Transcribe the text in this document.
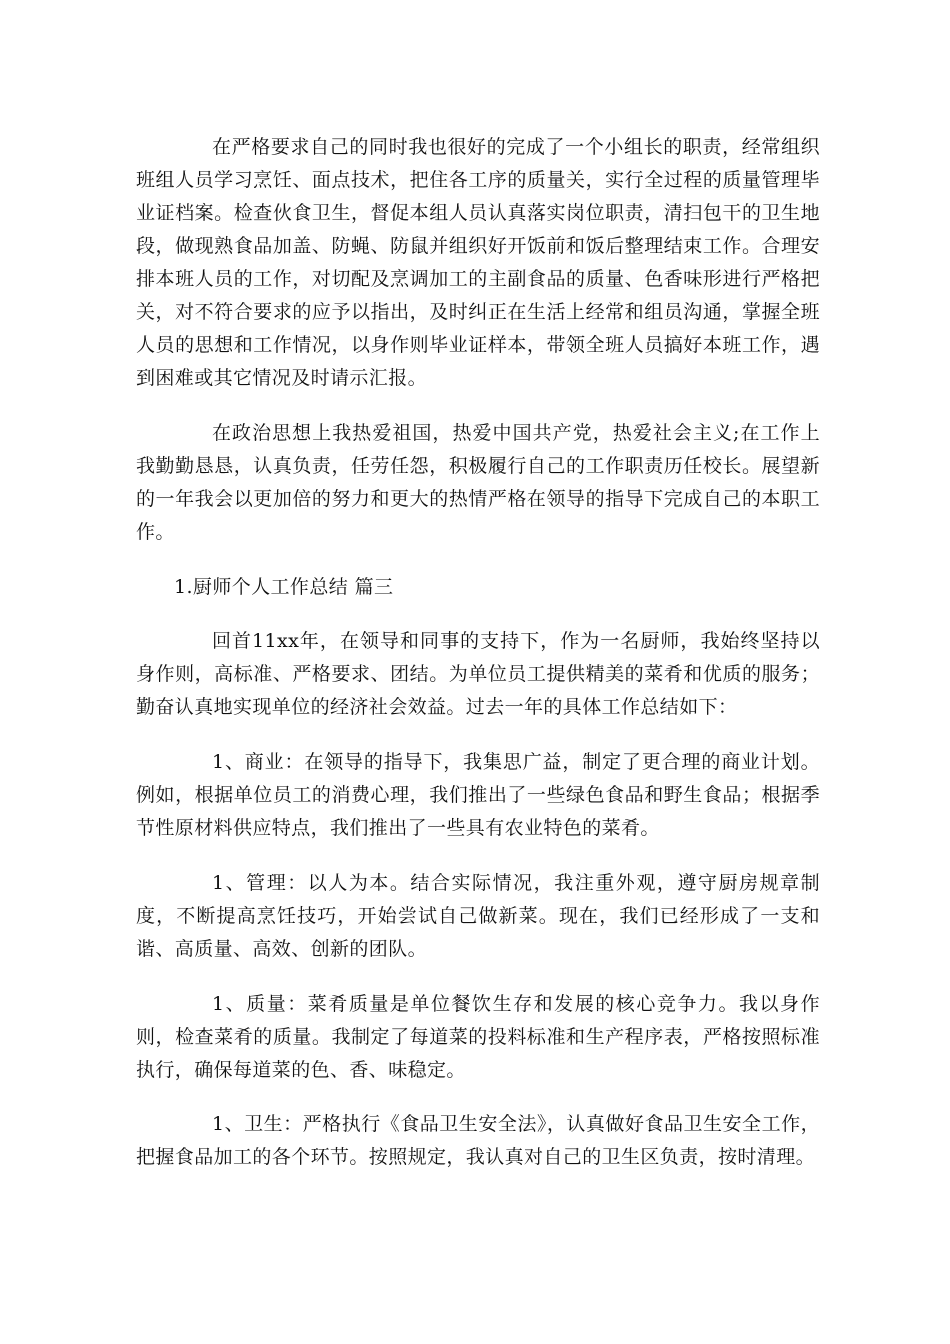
在严格要求自己的同时我也很好的完成了一个小组长的职责，经常组织班组人员学习烹饪、面点技术，把住各工序的质量关，实行全过程的质量管理毕业证档案。检查伙食卫生，督促本组人员认真落实岗位职责，清扫包干的卫生地段，做现熟食品加盖、防蝇、防鼠并组织好开饭前和饭后整理结束工作。合理安排本班人员的工作，对切配及烹调加工的主副食品的质量、色香味形进行严格把关，对不符合要求的应予以指出，及时纠正在生活上经常和组员沟通，掌握全班人员的思想和工作情况，以身作则毕业证样本，带领全班人员搞好本班工作，遇到困难或其它情况及时请示汇报。

在政治思想上我热爱祖国，热爱中国共产党，热爱社会主义;在工作上我勤勤恳恳，认真负责，任劳任怨，积极履行自己的工作职责历任校长。展望新的一年我会以更加倍的努力和更大的热情严格在领导的指导下完成自己的本职工作。

1.厨师个人工作总结 篇三

回首11xx年，在领导和同事的支持下，作为一名厨师，我始终坚持以身作则，高标准、严格要求、团结。为单位员工提供精美的菜肴和优质的服务；勤奋认真地实现单位的经济社会效益。过去一年的具体工作总结如下：

1、商业：在领导的指导下，我集思广益，制定了更合理的商业计划。例如，根据单位员工的消费心理，我们推出了一些绿色食品和野生食品；根据季节性原材料供应特点，我们推出了一些具有农业特色的菜肴。

1、管理：以人为本。结合实际情况，我注重外观，遵守厨房规章制度，不断提高烹饪技巧，开始尝试自己做新菜。现在，我们已经形成了一支和谐、高质量、高效、创新的团队。

1、质量：菜肴质量是单位餐饮生存和发展的核心竞争力。我以身作则，检查菜肴的质量。我制定了每道菜的投料标准和生产程序表，严格按照标准执行，确保每道菜的色、香、味稳定。

1、卫生：严格执行《食品卫生安全法》，认真做好食品卫生安全工作，把握食品加工的各个环节。按照规定，我认真对自己的卫生区负责，按时清理。
